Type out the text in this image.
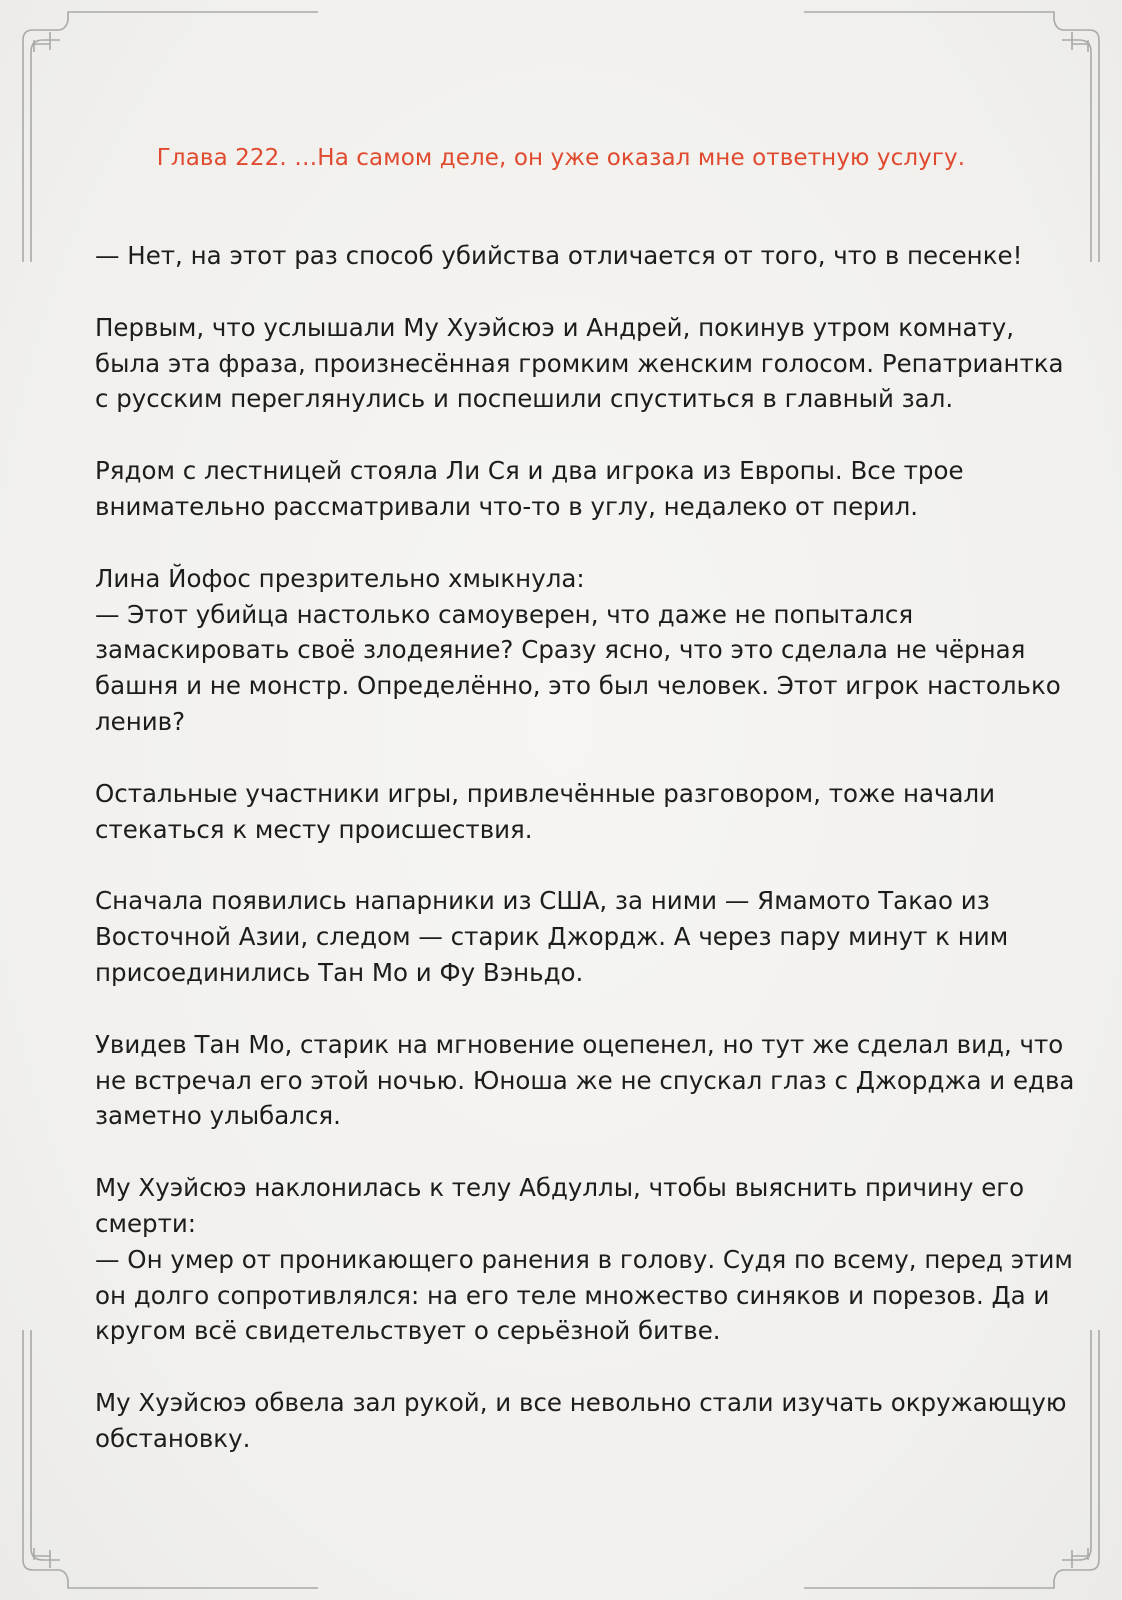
Глава 222. …На самом деле, он уже оказал мне ответную услугу.

— Нет, на этот раз способ убийства отличается от того, что в песенке!

Первым, что услышали Му Хуэйсюэ и Андрей, покинув утром комнату,
была эта фраза, произнесённая громким женским голосом. Репатриантка
с русским переглянулись и поспешили спуститься в главный зал.

Рядом с лестницей стояла Ли Ся и два игрока из Европы. Все трое
внимательно рассматривали что-то в углу, недалеко от перил.

Лина Йофос презрительно хмыкнула:
— Этот убийца настолько самоуверен, что даже не попытался
замаскировать своё злодеяние? Сразу ясно, что это сделала не чёрная
башня и не монстр. Определённо, это был человек. Этот игрок настолько
ленив?

Остальные участники игры, привлечённые разговором, тоже начали
стекаться к месту происшествия.

Сначала появились напарники из США, за ними — Ямамото Такао из
Восточной Азии, следом — старик Джордж. А через пару минут к ним
присоединились Тан Мо и Фу Вэньдо.

Увидев Тан Мо, старик на мгновение оцепенел, но тут же сделал вид, что
не встречал его этой ночью. Юноша же не спускал глаз с Джорджа и едва
заметно улыбался.

Му Хуэйсюэ наклонилась к телу Абдуллы, чтобы выяснить причину его
смерти:
— Он умер от проникающего ранения в голову. Судя по всему, перед этим
он долго сопротивлялся: на его теле множество синяков и порезов. Да и
кругом всё свидетельствует о серьёзной битве.

Му Хуэйсюэ обвела зал рукой, и все невольно стали изучать окружающую
обстановку.
